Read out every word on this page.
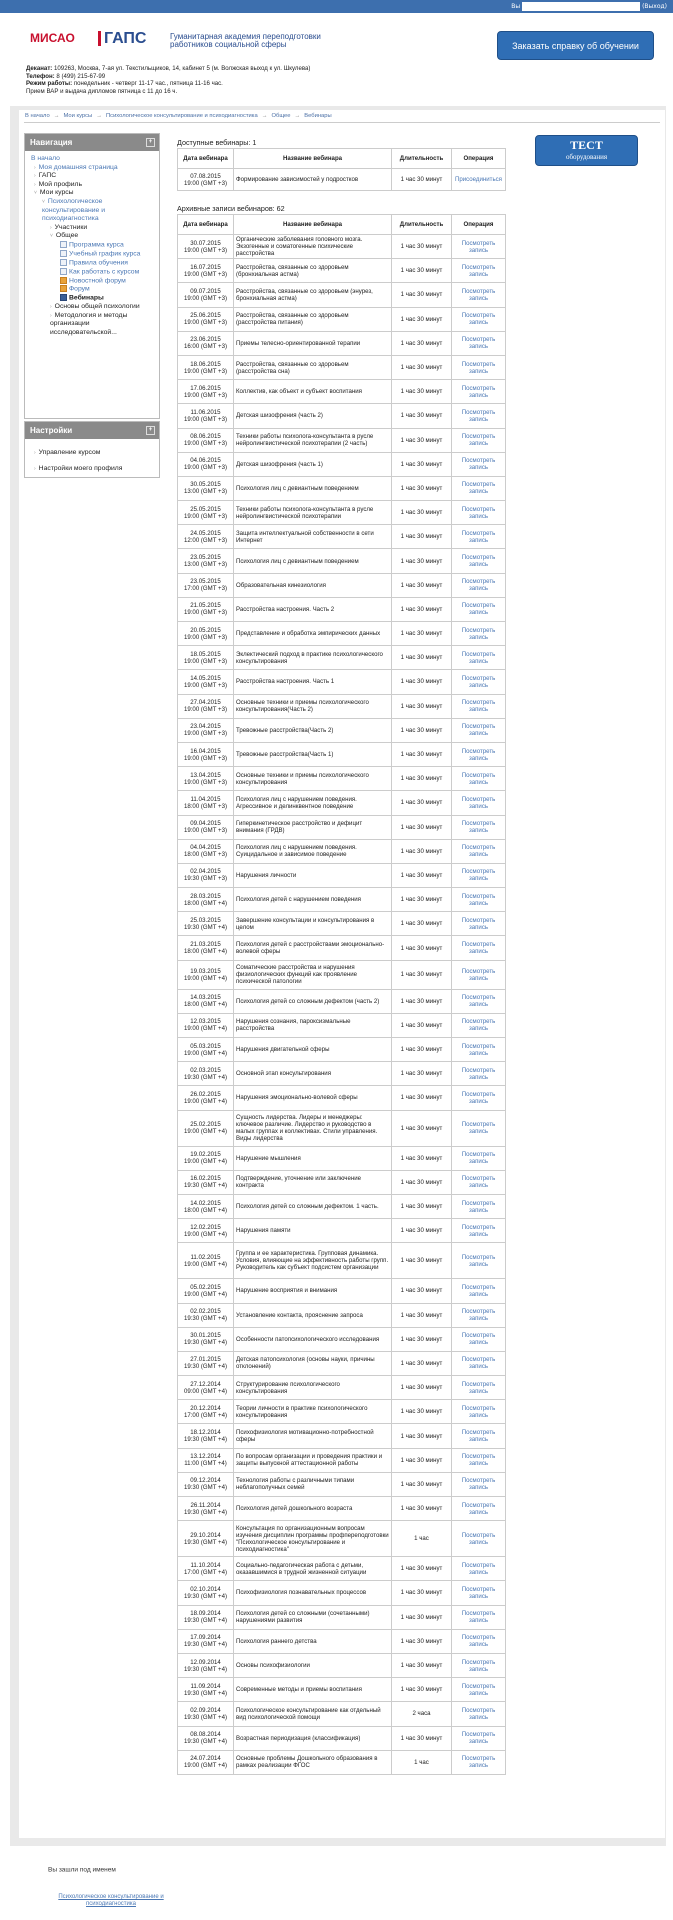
Вы	(Выход)
МИСАО	ГАПС	Гуманитарная академия переподготовки работников социальной сферы	Заказать справку об обучении
Деканат: 109263, Москва, 7-ая ул. Текстильщиков, 14, кабинет 5 (м. Волжская выход к ул. Шкулева)
Телефон: 8 (499) 215-67-99
Режим работы: понедельник - четверг 11-17 час., пятница 11-16 час.
Прием ВАР и выдача дипломов пятница с 11 до 16 ч.
В начало → Мои курсы → Психологическое консультирование и психодиагностика → Общее → Вебинары
Навигация	+
В начало
› Моя домашняя страница
› ГАПС
› Мой профиль
˅ Мои курсы
˅ Психологическое консультирование и психодиагностика
› Участники
˅ Общее
Программа курса
Учебный график курса
Правила обучения
Как работать с курсом
Новостной форум
Форум
Вебинары
› Основы общей психологии
› Методология и методы организации исследовательской...
Настройки	+
› Управление курсом
› Настройки моего профиля
ТЕСТ
оборудования
Доступные вебинары: 1
Дата вебинара	Название вебинара	Длительность	Операция

07.08.2015
19:00 (GMT +3)	Формирование зависимостей у подростков	1 час 30 минут	Присоединиться
Архивные записи вебинаров: 62
Дата вебинара	Название вебинара	Длительность	Операция

30.07.2015
19:00 (GMT +3)	Органические заболевания головного мозга. Экзогенные и соматогенные психические расстройства	1 час 30 минут	Посмотреть запись

16.07.2015
19:00 (GMT +3)	Расстройства, связанные со здоровьем (бронхиальная астма)	1 час 30 минут	Посмотреть запись

09.07.2015
19:00 (GMT +3)	Расстройства, связанные со здоровьем (энурез, бронхиальная астма)	1 час 30 минут	Посмотреть запись

25.06.2015
19:00 (GMT +3)	Расстройства, связанные со здоровьем (расстройства питания)	1 час 30 минут	Посмотреть запись

23.06.2015
16:00 (GMT +3)	Приемы телесно-ориентированной терапии	1 час 30 минут	Посмотреть запись

18.06.2015
19:00 (GMT +3)	Расстройства, связанные со здоровьем (расстройства сна)	1 час 30 минут	Посмотреть запись

17.06.2015
19:00 (GMT +3)	Коллектив, как объект и субъект воспитания	1 час 30 минут	Посмотреть запись

11.06.2015
19:00 (GMT +3)	Детская шизофрения (часть 2)	1 час 30 минут	Посмотреть запись

08.06.2015
19:00 (GMT +3)	Техники работы психолога-консультанта в русле нейролингвистической психотерапии (2 часть)	1 час 30 минут	Посмотреть запись

04.06.2015
19:00 (GMT +3)	Детская шизофрения (часть 1)	1 час 30 минут	Посмотреть запись

30.05.2015
13:00 (GMT +3)	Психология лиц с девиантным поведением	1 час 30 минут	Посмотреть запись

25.05.2015
19:00 (GMT +3)	Техники работы психолога-консультанта в русле нейролингвистической психотерапии	1 час 30 минут	Посмотреть запись

24.05.2015
12:00 (GMT +3)	Защита интеллектуальной собственности в сети Интернет	1 час 30 минут	Посмотреть запись

23.05.2015
13:00 (GMT +3)	Психология лиц с девиантным поведением	1 час 30 минут	Посмотреть запись

23.05.2015
17:00 (GMT +3)	Образовательная кинезиология	1 час 30 минут	Посмотреть запись

21.05.2015
19:00 (GMT +3)	Расстройства настроения. Часть 2	1 час 30 минут	Посмотреть запись

20.05.2015
19:00 (GMT +3)	Представление и обработка эмпирических данных	1 час 30 минут	Посмотреть запись

18.05.2015
19:00 (GMT +3)	Эклектический подход в практике психологического консультирования	1 час 30 минут	Посмотреть запись

14.05.2015
19:00 (GMT +3)	Расстройства настроения. Часть 1	1 час 30 минут	Посмотреть запись

27.04.2015
19:00 (GMT +3)	Основные техники и приемы психологического консультирования(Часть 2)	1 час 30 минут	Посмотреть запись

23.04.2015
19:00 (GMT +3)	Тревожные расстройства(Часть 2)	1 час 30 минут	Посмотреть запись

16.04.2015
19:00 (GMT +3)	Тревожные расстройства(Часть 1)	1 час 30 минут	Посмотреть запись

13.04.2015
19:00 (GMT +3)	Основные техники и приемы психологического консультирования	1 час 30 минут	Посмотреть запись

11.04.2015
18:00 (GMT +3)	Психология лиц с нарушением поведения. Агрессивное и делинквентное поведение	1 час 30 минут	Посмотреть запись

09.04.2015
19:00 (GMT +3)	Гиперкинетическое расстройство и дефицит внимания (ГРДВ)	1 час 30 минут	Посмотреть запись

04.04.2015
18:00 (GMT +3)	Психология лиц с нарушением поведения. Суицидальное и зависимое поведение	1 час 30 минут	Посмотреть запись

02.04.2015
19:30 (GMT +3)	Нарушения личности	1 час 30 минут	Посмотреть запись

28.03.2015
18:00 (GMT +4)	Психология детей с нарушением поведения	1 час 30 минут	Посмотреть запись

25.03.2015
19:30 (GMT +4)	Завершение консультации и консультирования в целом	1 час 30 минут	Посмотреть запись

21.03.2015
18:00 (GMT +4)	Психология детей с расстройствами эмоционально-волевой сферы	1 час 30 минут	Посмотреть запись

19.03.2015
19:00 (GMT +4)	Соматические расстройства и нарушения физиологических функций как проявление психической патологии	1 час 30 минут	Посмотреть запись

14.03.2015
18:00 (GMT +4)	Психология детей со сложным дефектом (часть 2)	1 час 30 минут	Посмотреть запись

12.03.2015
19:00 (GMT +4)	Нарушения сознания, пароксизмальные расстройства	1 час 30 минут	Посмотреть запись

05.03.2015
19:00 (GMT +4)	Нарушения двигательной сферы	1 час 30 минут	Посмотреть запись

02.03.2015
19:30 (GMT +4)	Основной этап консультирования	1 час 30 минут	Посмотреть запись

26.02.2015
19:00 (GMT +4)	Нарушения эмоционально-волевой сферы	1 час 30 минут	Посмотреть запись

25.02.2015
19:00 (GMT +4)	Сущность лидерства. Лидеры и менеджеры: ключевое различие. Лидерство и руководство в малых группах и коллективах. Стили управления. Виды лидерства	1 час 30 минут	Посмотреть запись

19.02.2015
19:00 (GMT +4)	Нарушение мышления	1 час 30 минут	Посмотреть запись

16.02.2015
19:30 (GMT +4)	Подтверждение, уточнение или заключение контракта	1 час 30 минут	Посмотреть запись

14.02.2015
18:00 (GMT +4)	Психология детей со сложным дефектом. 1 часть.	1 час 30 минут	Посмотреть запись

12.02.2015
19:00 (GMT +4)	Нарушения памяти	1 час 30 минут	Посмотреть запись

11.02.2015
19:00 (GMT +4)	Группа и ее характеристика. Групповая динамика. Условия, влияющие на эффективность работы групп. Руководитель как субъект подсистем организации	1 час 30 минут	Посмотреть запись

05.02.2015
19:00 (GMT +4)	Нарушение восприятия и внимания	1 час 30 минут	Посмотреть запись

02.02.2015
19:30 (GMT +4)	Установление контакта, прояснение запроса	1 час 30 минут	Посмотреть запись

30.01.2015
19:30 (GMT +4)	Особенности патопсихологического исследования	1 час 30 минут	Посмотреть запись

27.01.2015
19:30 (GMT +4)	Детская патопсихология (основы науки, причины отклонений)	1 час 30 минут	Посмотреть запись

27.12.2014
09:00 (GMT +4)	Структурирование психологического консультирования	1 час 30 минут	Посмотреть запись

20.12.2014
17:00 (GMT +4)	Теории личности в практике психологического консультирования	1 час 30 минут	Посмотреть запись

18.12.2014
19:30 (GMT +4)	Психофизиология мотивационно-потребностной сферы	1 час 30 минут	Посмотреть запись

13.12.2014
11:00 (GMT +4)	По вопросам организации и проведения практики и защиты выпускной аттестационной работы	1 час 30 минут	Посмотреть запись

09.12.2014
19:30 (GMT +4)	Технология работы с различными типами неблагополучных семей	1 час 30 минут	Посмотреть запись

26.11.2014
19:30 (GMT +4)	Психология детей дошкольного возраста	1 час 30 минут	Посмотреть запись

29.10.2014
19:30 (GMT +4)	Консультация по организационным вопросам изучения дисциплин программы профпереподготовки "Психологическое консультирование и психодиагностика"	1 час	Посмотреть запись

11.10.2014
17:00 (GMT +4)	Социально-педагогическая работа с детьми, оказавшимися в трудной жизненной ситуации	1 час 30 минут	Посмотреть запись

02.10.2014
19:30 (GMT +4)	Психофизиология познавательных процессов	1 час 30 минут	Посмотреть запись

18.09.2014
19:30 (GMT +4)	Психология детей со сложными (сочетанными) нарушениями развития	1 час 30 минут	Посмотреть запись

17.09.2014
19:30 (GMT +4)	Психология раннего детства	1 час 30 минут	Посмотреть запись

12.09.2014
19:30 (GMT +4)	Основы психофизиологии	1 час 30 минут	Посмотреть запись

11.09.2014
19:30 (GMT +4)	Современные методы и приемы воспитания	1 час 30 минут	Посмотреть запись

02.09.2014
19:30 (GMT +4)	Психологическое консультирование как отдельный вид психологической помощи	2 часа	Посмотреть запись

08.08.2014
19:30 (GMT +4)	Возрастная периодизация (классификация)	1 час 30 минут	Посмотреть запись

24.07.2014
19:00 (GMT +4)	Основные проблемы Дошкольного образования в рамках реализации ФГОС	1 час	Посмотреть запись
Вы зашли под именем
Психологическое консультирование и психодиагностика
